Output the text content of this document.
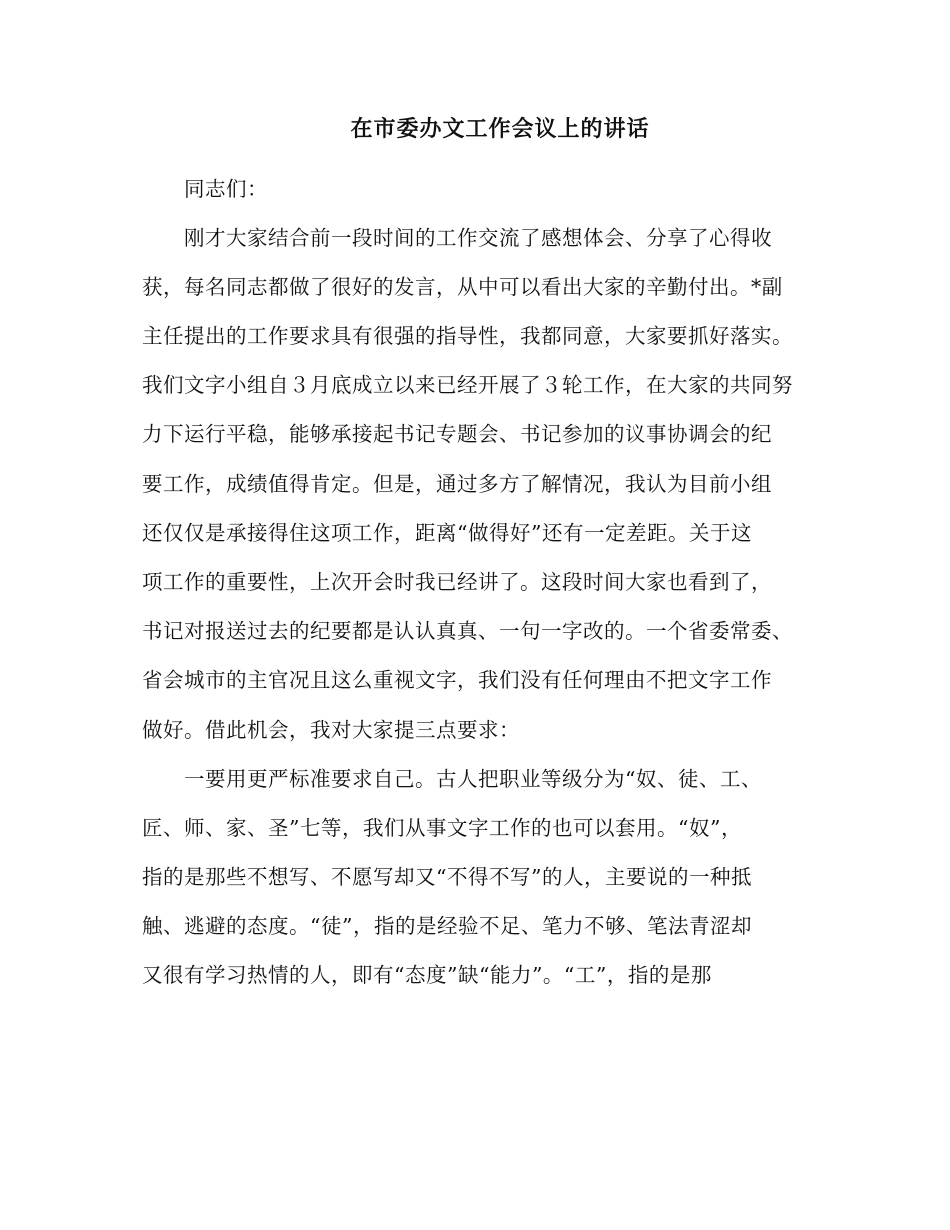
在市委办文工作会议上的讲话

同志们：

刚才大家结合前一段时间的工作交流了感想体会、分享了心得收

获，每名同志都做了很好的发言，从中可以看出大家的辛勤付出。*副

主任提出的工作要求具有很强的指导性，我都同意，大家要抓好落实。

我们文字小组自３月底成立以来已经开展了３轮工作，在大家的共同努

力下运行平稳，能够承接起书记专题会、书记参加的议事协调会的纪

要工作，成绩值得肯定。但是，通过多方了解情况，我认为目前小组

还仅仅是承接得住这项工作，距离“做得好”还有一定差距。关于这

项工作的重要性，上次开会时我已经讲了。这段时间大家也看到了，

书记对报送过去的纪要都是认认真真、一句一字改的。一个省委常委、

省会城市的主官况且这么重视文字，我们没有任何理由不把文字工作

做好。借此机会，我对大家提三点要求：

一要用更严标准要求自己。古人把职业等级分为“奴、徒、工、

匠、师、家、圣”七等，我们从事文字工作的也可以套用。“奴”，

指的是那些不想写、不愿写却又“不得不写”的人，主要说的一种抵

触、逃避的态度。“徒”，指的是经验不足、笔力不够、笔法青涩却

又很有学习热情的人，即有“态度”缺“能力”。“工”，指的是那
